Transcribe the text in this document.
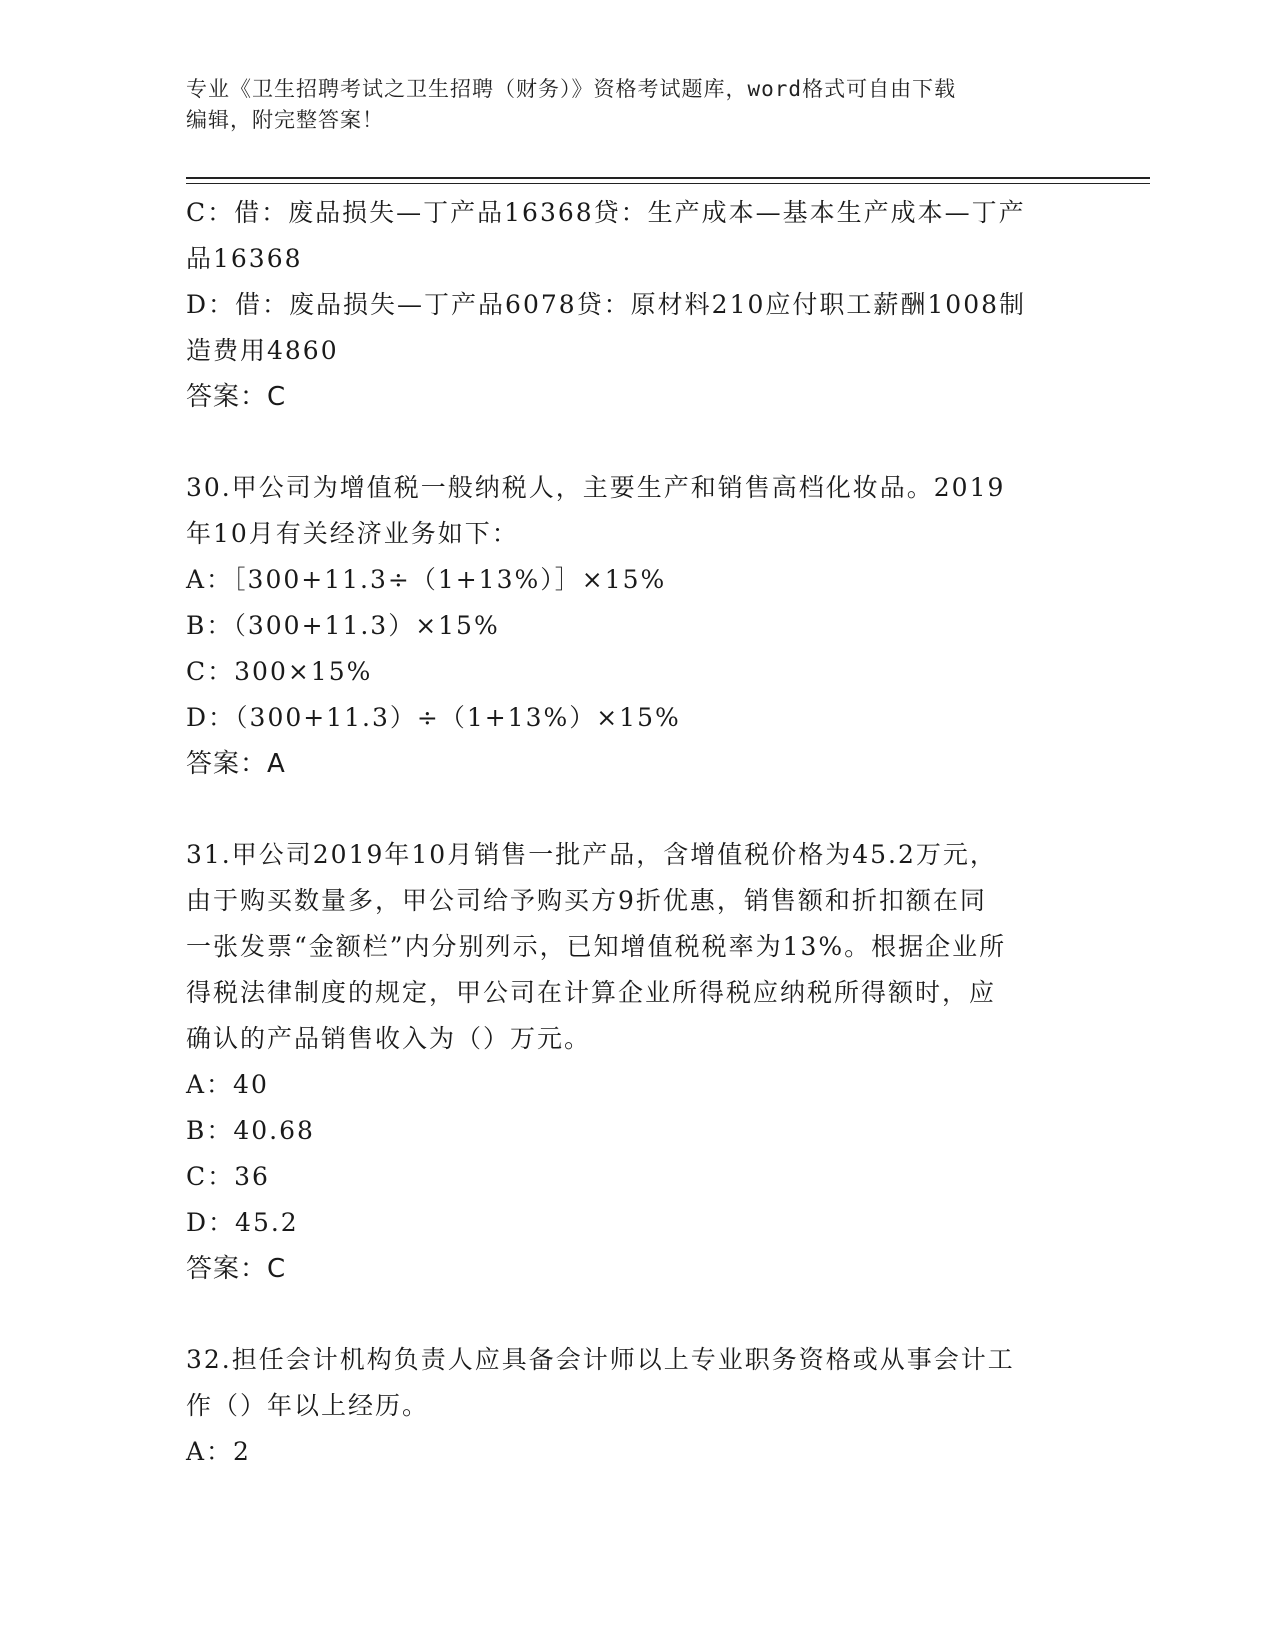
专业《卫生招聘考试之卫生招聘（财务）》资格考试题库，word格式可自由下载
编辑，附完整答案！
C：借：废品损失—丁产品16368贷：生产成本—基本生产成本—丁产
品16368
D：借：废品损失—丁产品6078贷：原材料210应付职工薪酬1008制
造费用4860
答案：C
30.甲公司为增值税一般纳税人，主要生产和销售高档化妆品。2019
年10月有关经济业务如下：
A：［300+11.3÷（1+13%）］×15%
B：（300+11.3）×15%
C：300×15%
D：（300+11.3）÷（1+13%）×15%
答案：A
31.甲公司2019年10月销售一批产品，含增值税价格为45.2万元，
由于购买数量多，甲公司给予购买方9折优惠，销售额和折扣额在同
一张发票“金额栏”内分别列示，已知增值税税率为13%。根据企业所
得税法律制度的规定，甲公司在计算企业所得税应纳税所得额时，应
确认的产品销售收入为（）万元。
A：40
B：40.68
C：36
D：45.2
答案：C
32.担任会计机构负责人应具备会计师以上专业职务资格或从事会计工
作（）年以上经历。
A：2
